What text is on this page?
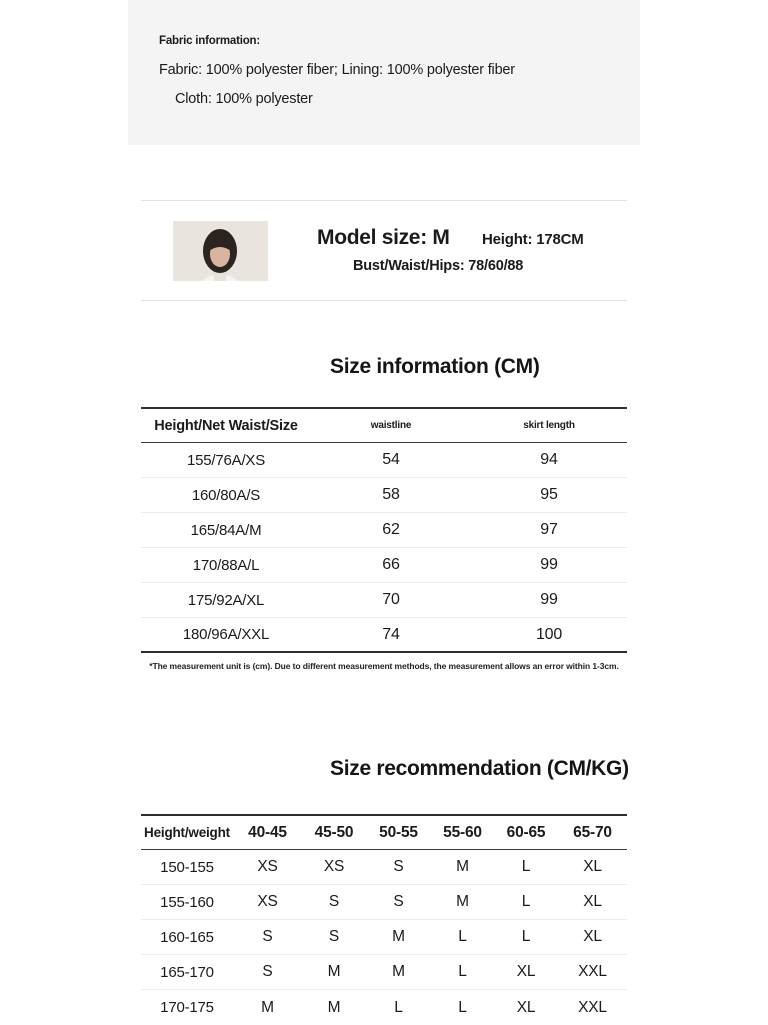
Fabric information:
Fabric: 100% polyester fiber; Lining: 100% polyester fiber
Cloth: 100% polyester
Model size: M Height: 178CM
Bust/Waist/Hips: 78/60/88
Size information (CM)
Height/Net Waist/Size	waistline	skirt length
155/76A/XS	54	94
160/80A/S	58	95
165/84A/M	62	97
170/88A/L	66	99
175/92A/XL	70	99
180/96A/XXL	74	100
*The measurement unit is (cm). Due to different measurement methods, the measurement allows an error within 1-3cm.
Size recommendation (CM/KG)
Height/weight	40-45	45-50	50-55	55-60	60-65	65-70
150-155	XS	XS	S	M	L	XL
155-160	XS	S	S	M	L	XL
160-165	S	S	M	L	L	XL
165-170	S	M	M	L	XL	XXL
170-175	M	M	L	L	XL	XXL
